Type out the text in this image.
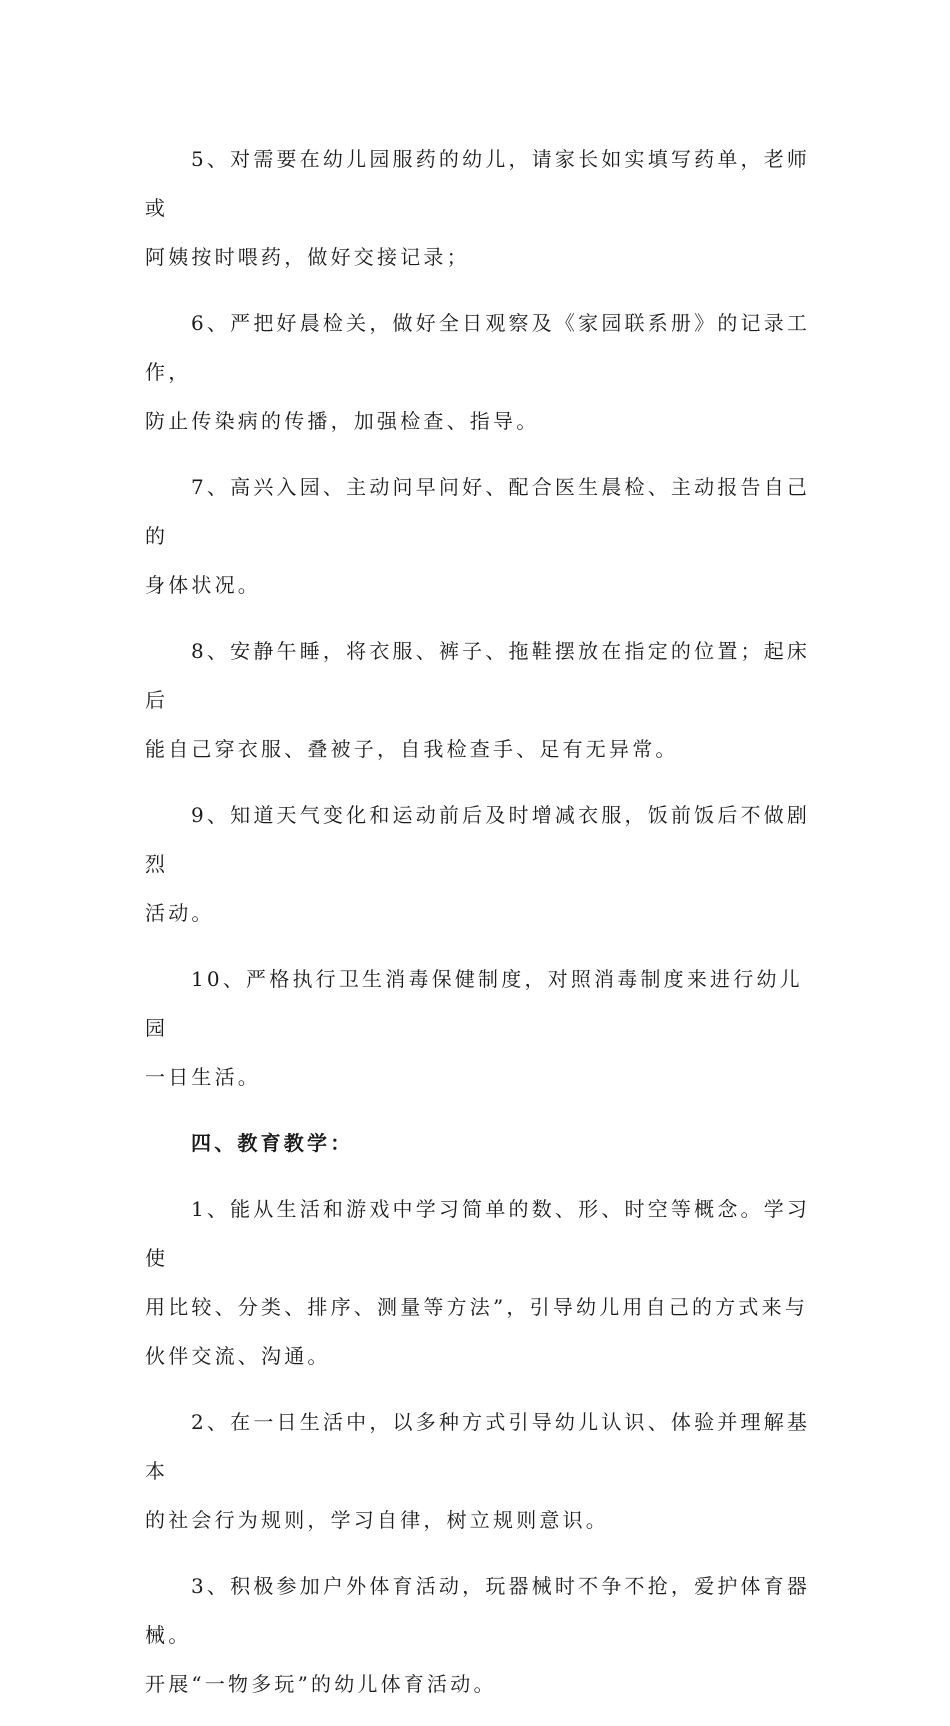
5、对需要在幼儿园服药的幼儿，请家长如实填写药单，老师或
阿姨按时喂药，做好交接记录；
6、严把好晨检关，做好全日观察及《家园联系册》的记录工作，
防止传染病的传播，加强检查、指导。
7、高兴入园、主动问早问好、配合医生晨检、主动报告自己的
身体状况。
8、安静午睡，将衣服、裤子、拖鞋摆放在指定的位置；起床后
能自己穿衣服、叠被子，自我检查手、足有无异常。
9、知道天气变化和运动前后及时增减衣服，饭前饭后不做剧烈
活动。
10、严格执行卫生消毒保健制度，对照消毒制度来进行幼儿园
一日生活。
四、教育教学：
1、能从生活和游戏中学习简单的数、形、时空等概念。学习使
用比较、分类、排序、测量等方法”，引导幼儿用自己的方式来与
伙伴交流、沟通。
2、在一日生活中，以多种方式引导幼儿认识、体验并理解基本
的社会行为规则，学习自律，树立规则意识。
3、积极参加户外体育活动，玩器械时不争不抢，爱护体育器械。
开展“一物多玩”的幼儿体育活动。
